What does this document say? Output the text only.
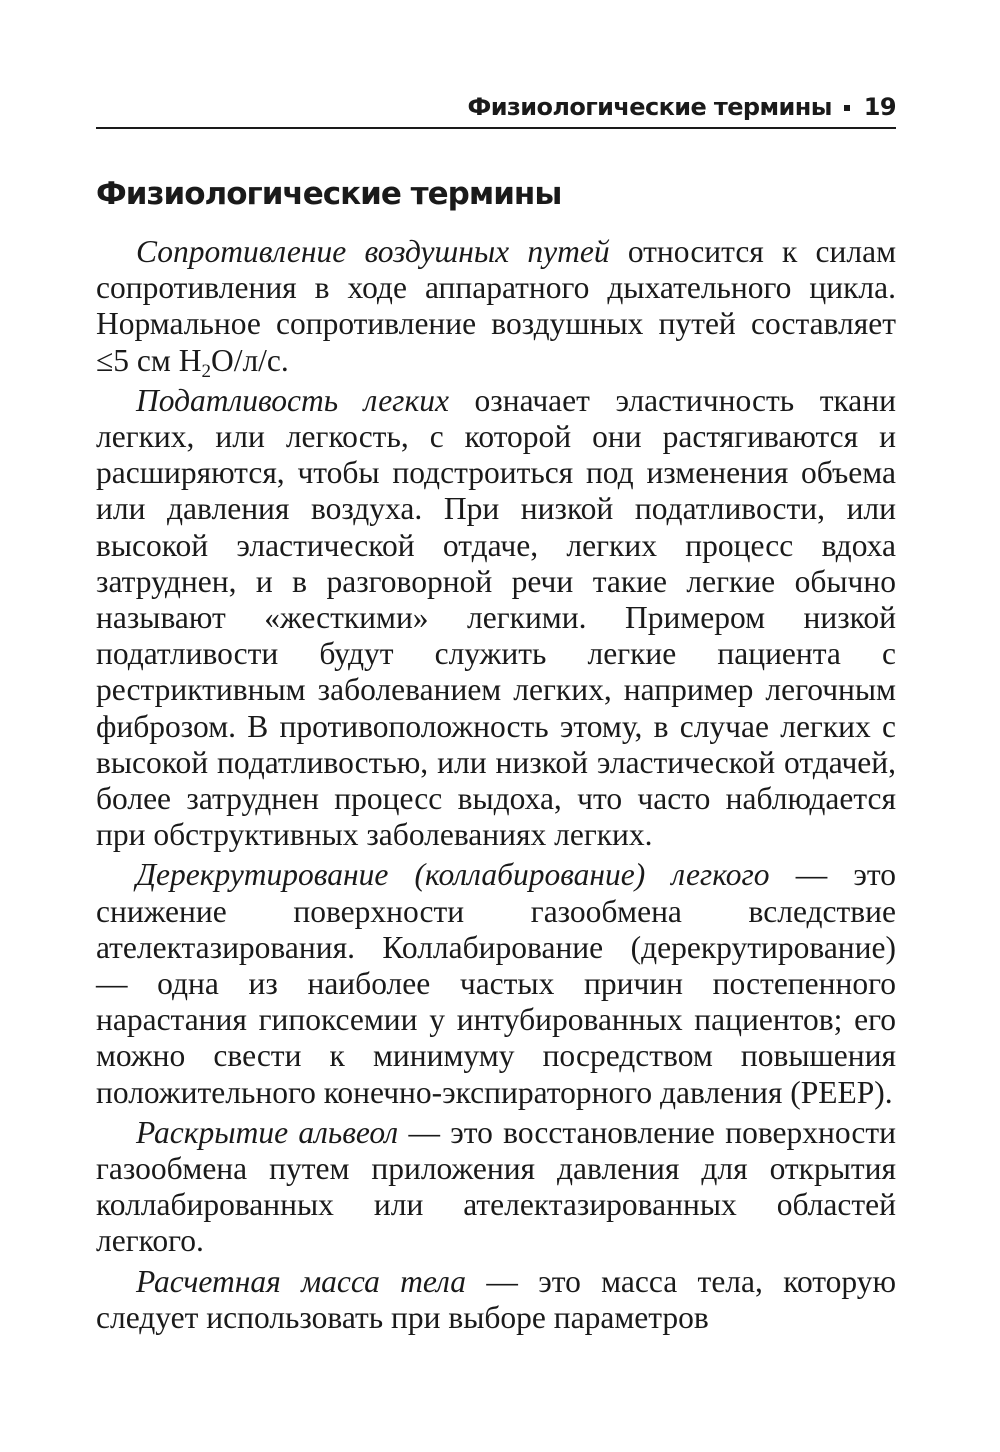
Физиологические термины 19
Физиологические термины

Сопротивление воздушных путей относится к силам сопротивления в ходе аппаратного дыхательного цикла. Нормальное сопротивление воздушных путей составляет ≤5 см $H_2О/л/с$.

Податливость легких означает эластичность ткани легких, или легкость, с которой они растягиваются и расширяются, чтобы подстроиться под изменения объема или давления воздуха. При низкой податливости, или высокой эластической отдаче, легких процесс вдоха затруднен, и в разговорной речи такие легкие обычно называют «жесткими» легкими. Примером низкой податливости будут служить легкие пациента с рестриктивным заболеванием легких, например легочным фиброзом. В противоположность этому, в случае легких с высокой податливостью, или низкой эластической отдачей, более затруднен процесс выдоха, что часто наблюдается при обструктивных заболеваниях легких.

Дерекрутирование (коллабирование) легкого — это снижение поверхности газообмена вследствие ателектазирования. Коллабирование (дерекрутирование) — одна из наиболее частых причин постепенного нарастания гипоксемии у интубированных пациентов; его можно свести к минимуму посредством повышения положительного конечно-экспираторного давления (PEEP).

Раскрытие альвеол — это восстановление поверхности газообмена путем приложения давления для открытия коллабированных или ателектазированных областей легкого.

Расчетная масса тела — это масса тела, которую следует использовать при выборе параметров
